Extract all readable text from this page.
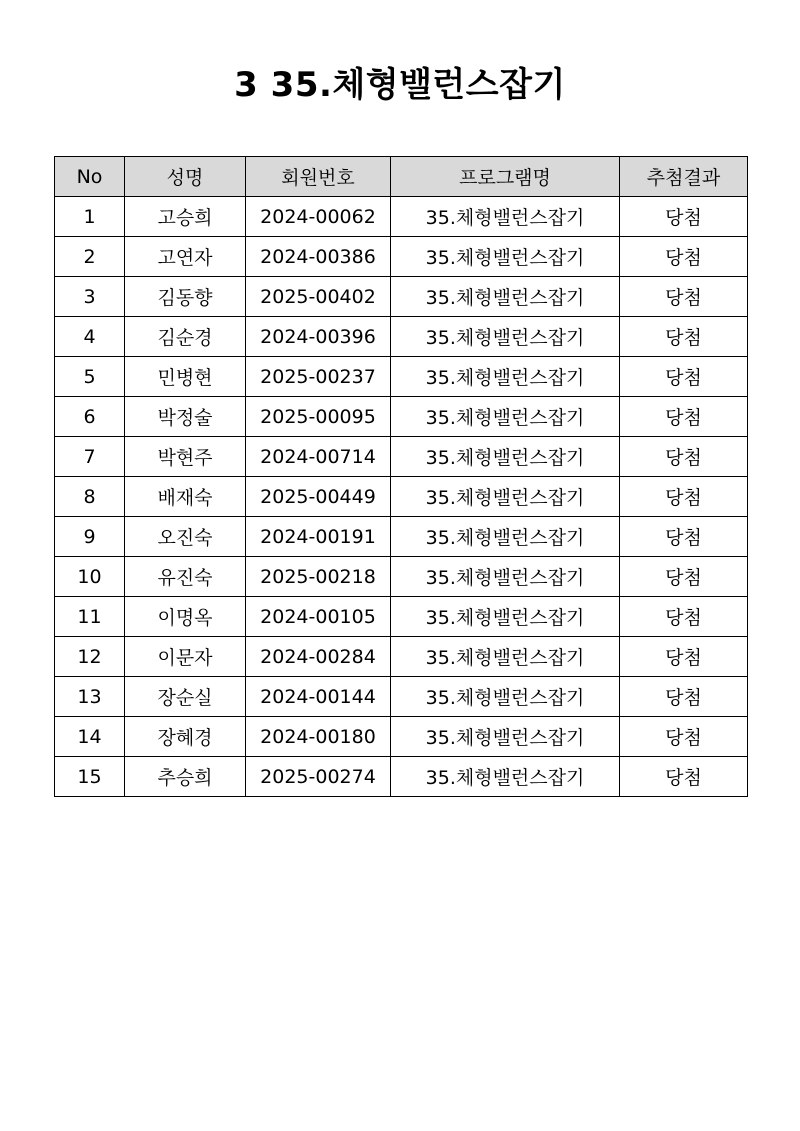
3 35.체형밸런스잡기
No	성명	회원번호	프로그램명	추첨결과
1	고승희	2024-00062	35.체형밸런스잡기	당첨
2	고연자	2024-00386	35.체형밸런스잡기	당첨
3	김동향	2025-00402	35.체형밸런스잡기	당첨
4	김순경	2024-00396	35.체형밸런스잡기	당첨
5	민병현	2025-00237	35.체형밸런스잡기	당첨
6	박정술	2025-00095	35.체형밸런스잡기	당첨
7	박현주	2024-00714	35.체형밸런스잡기	당첨
8	배재숙	2025-00449	35.체형밸런스잡기	당첨
9	오진숙	2024-00191	35.체형밸런스잡기	당첨
10	유진숙	2025-00218	35.체형밸런스잡기	당첨
11	이명옥	2024-00105	35.체형밸런스잡기	당첨
12	이문자	2024-00284	35.체형밸런스잡기	당첨
13	장순실	2024-00144	35.체형밸런스잡기	당첨
14	장혜경	2024-00180	35.체형밸런스잡기	당첨
15	추승희	2025-00274	35.체형밸런스잡기	당첨
